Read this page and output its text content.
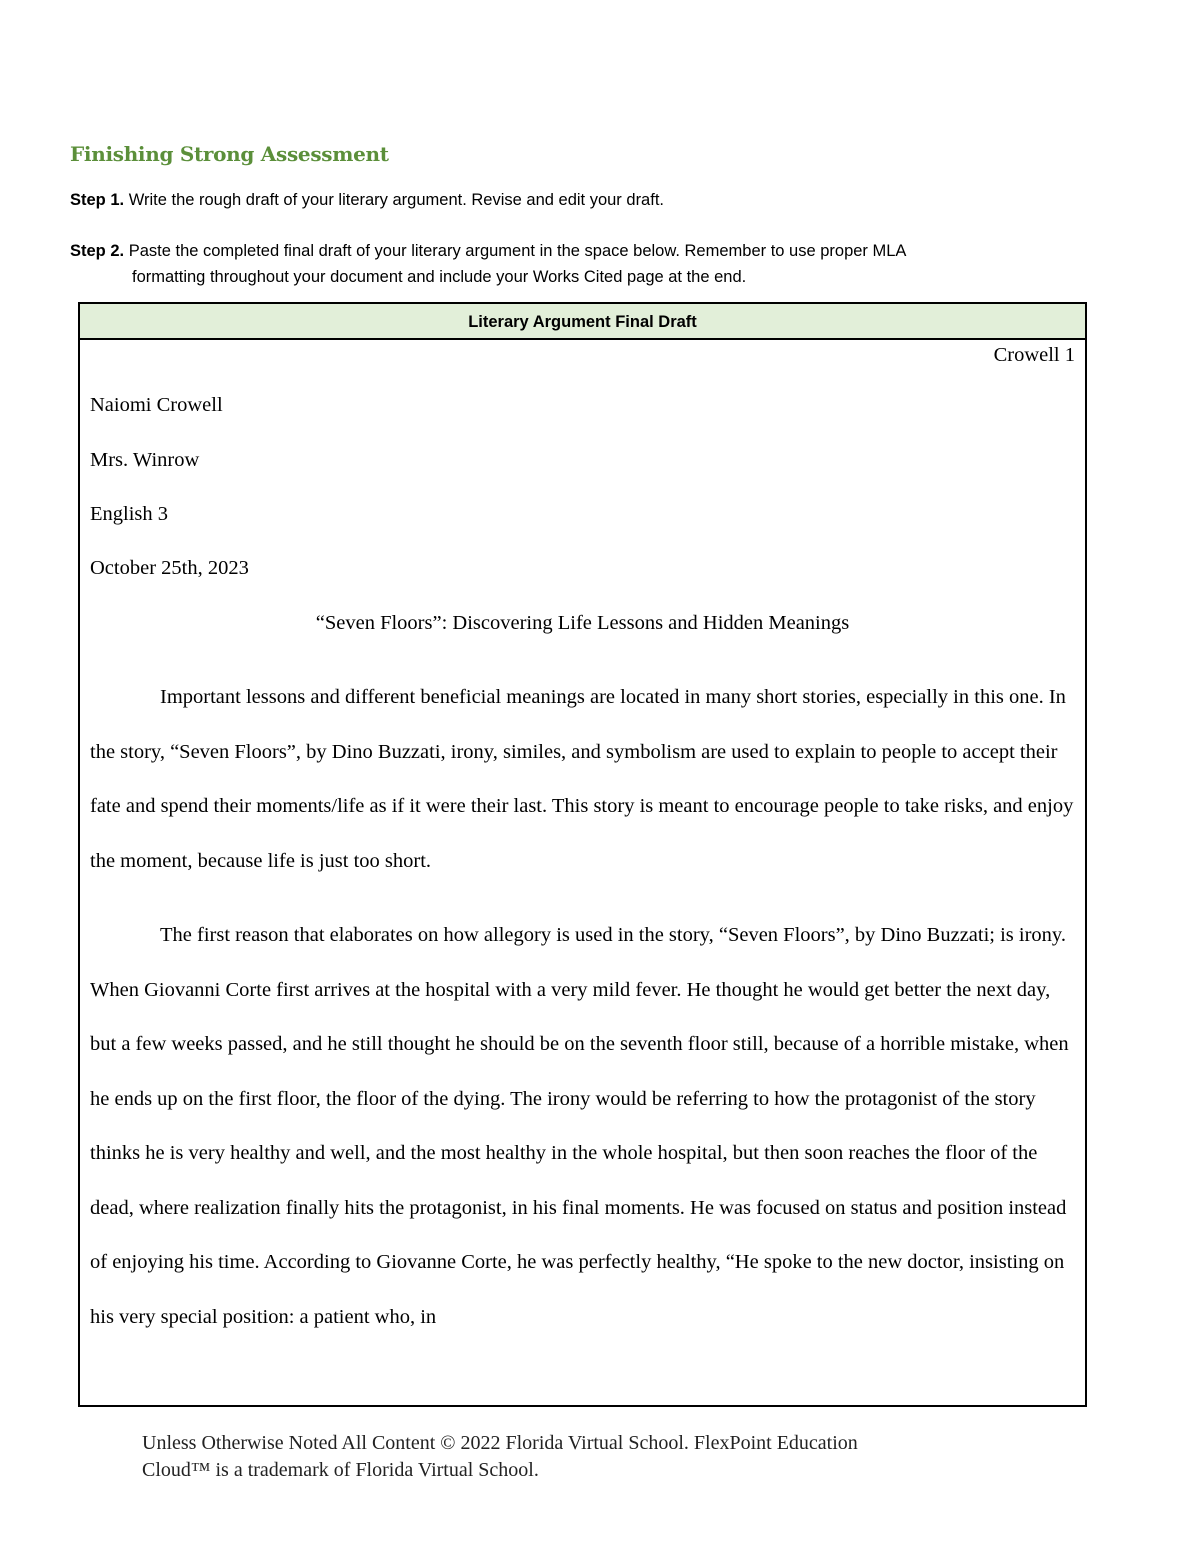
Finishing Strong Assessment
Step 1. Write the rough draft of your literary argument. Revise and edit your draft.
Step 2. Paste the completed final draft of your literary argument in the space below. Remember to use proper MLA
formatting throughout your document and include your Works Cited page at the end.
Literary Argument Final Draft
Crowell 1
Naiomi Crowell
Mrs. Winrow
English 3
October 25th, 2023
“Seven Floors”: Discovering Life Lessons and Hidden Meanings
Important lessons and different beneficial meanings are located in many short stories, especially in this one. In the story, “Seven Floors”, by Dino Buzzati, irony, similes, and symbolism are used to explain to people to accept their fate and spend their moments/life as if it were their last. This story is meant to encourage people to take risks, and enjoy the moment, because life is just too short.
The first reason that elaborates on how allegory is used in the story, “Seven Floors”, by Dino Buzzati; is irony. When Giovanni Corte first arrives at the hospital with a very mild fever. He thought he would get better the next day, but a few weeks passed, and he still thought he should be on the seventh floor still, because of a horrible mistake, when he ends up on the first floor, the floor of the dying. The irony would be referring to how the protagonist of the story thinks he is very healthy and well, and the most healthy in the whole hospital, but then soon reaches the floor of the dead, where realization finally hits the protagonist, in his final moments. He was focused on status and position instead of enjoying his time. According to Giovanne Corte, he was perfectly healthy, “He spoke to the new doctor, insisting on his very special position: a patient who, in
Unless Otherwise Noted All Content © 2022 Florida Virtual School. FlexPoint Education
Cloud™ is a trademark of Florida Virtual School.
